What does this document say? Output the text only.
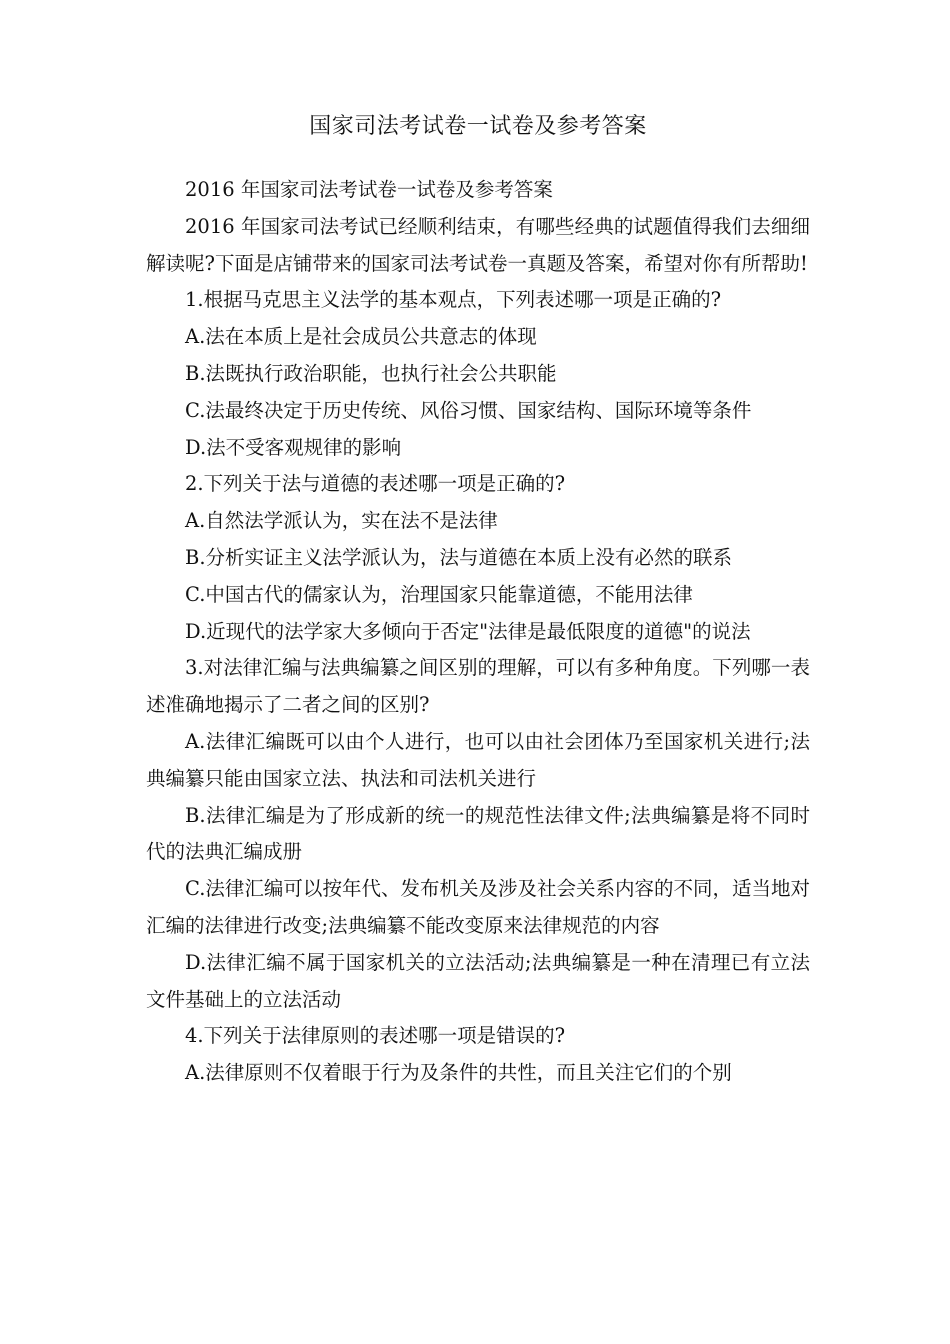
国家司法考试卷一试卷及参考答案

2016 年国家司法考试卷一试卷及参考答案

2016 年国家司法考试已经顺利结束，有哪些经典的试题值得我们去细细解读呢?下面是店铺带来的国家司法考试卷一真题及答案，希望对你有所帮助!

1.根据马克思主义法学的基本观点，下列表述哪一项是正确的?

A.法在本质上是社会成员公共意志的体现

B.法既执行政治职能，也执行社会公共职能

C.法最终决定于历史传统、风俗习惯、国家结构、国际环境等条件

D.法不受客观规律的影响

2.下列关于法与道德的表述哪一项是正确的?

A.自然法学派认为，实在法不是法律

B.分析实证主义法学派认为，法与道德在本质上没有必然的联系

C.中国古代的儒家认为，治理国家只能靠道德，不能用法律

D.近现代的法学家大多倾向于否定"法律是最低限度的道德"的说法

3.对法律汇编与法典编纂之间区别的理解，可以有多种角度。下列哪一表述准确地揭示了二者之间的区别?

A.法律汇编既可以由个人进行，也可以由社会团体乃至国家机关进行;法典编纂只能由国家立法、执法和司法机关进行

B.法律汇编是为了形成新的统一的规范性法律文件;法典编纂是将不同时代的法典汇编成册

C.法律汇编可以按年代、发布机关及涉及社会关系内容的不同，适当地对汇编的法律进行改变;法典编纂不能改变原来法律规范的内容

D.法律汇编不属于国家机关的立法活动;法典编纂是一种在清理已有立法文件基础上的立法活动

4.下列关于法律原则的表述哪一项是错误的?

A.法律原则不仅着眼于行为及条件的共性，而且关注它们的个别
